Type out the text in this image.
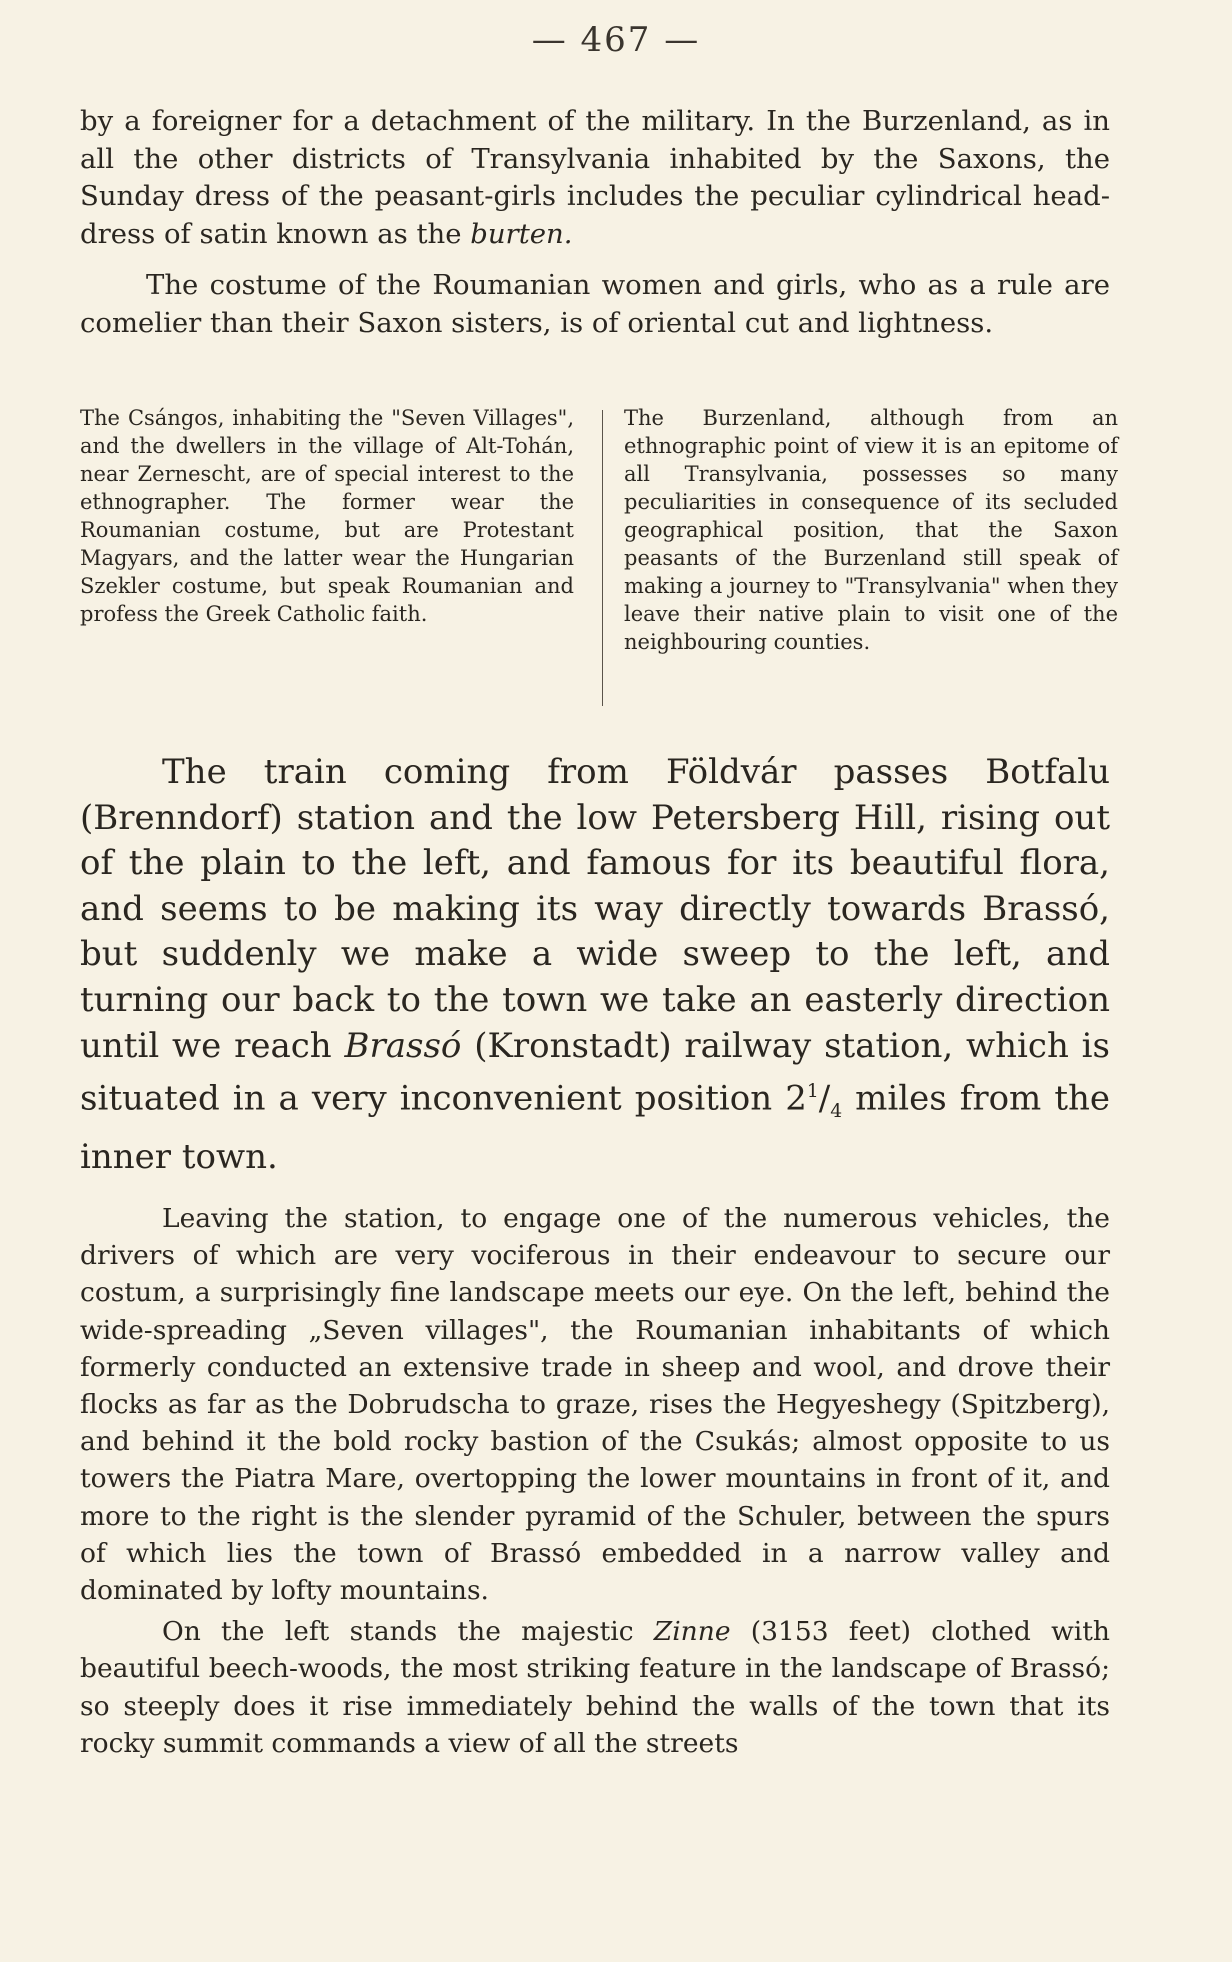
— 467 —

by a foreigner for a detachment of the military. In the Burzenland, as in all the other districts of Transylvania inhabited by the Saxons, the Sunday dress of the peasant-girls includes the peculiar cylindrical head-dress of satin known as the burten.

The costume of the Roumanian women and girls, who as a rule are comelier than their Saxon sisters, is of oriental cut and lightness.

The Csángos, inhabiting the "Seven Villages", and the dwellers in the village of Alt-Tohán, near Zernescht, are of special interest to the ethnographer. The former wear the Roumanian costume, but are Protestant Magyars, and the latter wear the Hungarian Szekler costume, but speak Roumanian and profess the Greek Catholic faith.
The Burzenland, although from an ethnographic point of view it is an epitome of all Transylvania, possesses so many peculiarities in consequence of its secluded geographical position, that the Saxon peasants of the Burzenland still speak of making a journey to "Transylvania" when they leave their native plain to visit one of the neighbouring counties.

The train coming from Földvár passes Botfalu (Brenndorf) station and the low Petersberg Hill, rising out of the plain to the left, and famous for its beautiful flora, and seems to be making its way directly towards Brassó, but suddenly we make a wide sweep to the left, and turning our back to the town we take an easterly direction until we reach Brassó (Kronstadt) railway station, which is situated in a very inconvenient position $2^1/_4$ miles from the inner town.

Leaving the station, to engage one of the numerous vehicles, the drivers of which are very vociferous in their endeavour to secure our costum, a surprisingly fine landscape meets our eye. On the left, behind the wide-spreading „Seven villages", the Roumanian inhabitants of which formerly conducted an extensive trade in sheep and wool, and drove their flocks as far as the Dobrudscha to graze, rises the Hegyeshegy (Spitzberg), and behind it the bold rocky bastion of the Csukás; almost opposite to us towers the Piatra Mare, overtopping the lower mountains in front of it, and more to the right is the slender pyramid of the Schuler, between the spurs of which lies the town of Brassó embedded in a narrow valley and dominated by lofty mountains.

On the left stands the majestic Zinne (3153 feet) clothed with beautiful beech-woods, the most striking feature in the landscape of Brassó; so steeply does it rise immediately behind the walls of the town that its rocky summit commands a view of all the streets
